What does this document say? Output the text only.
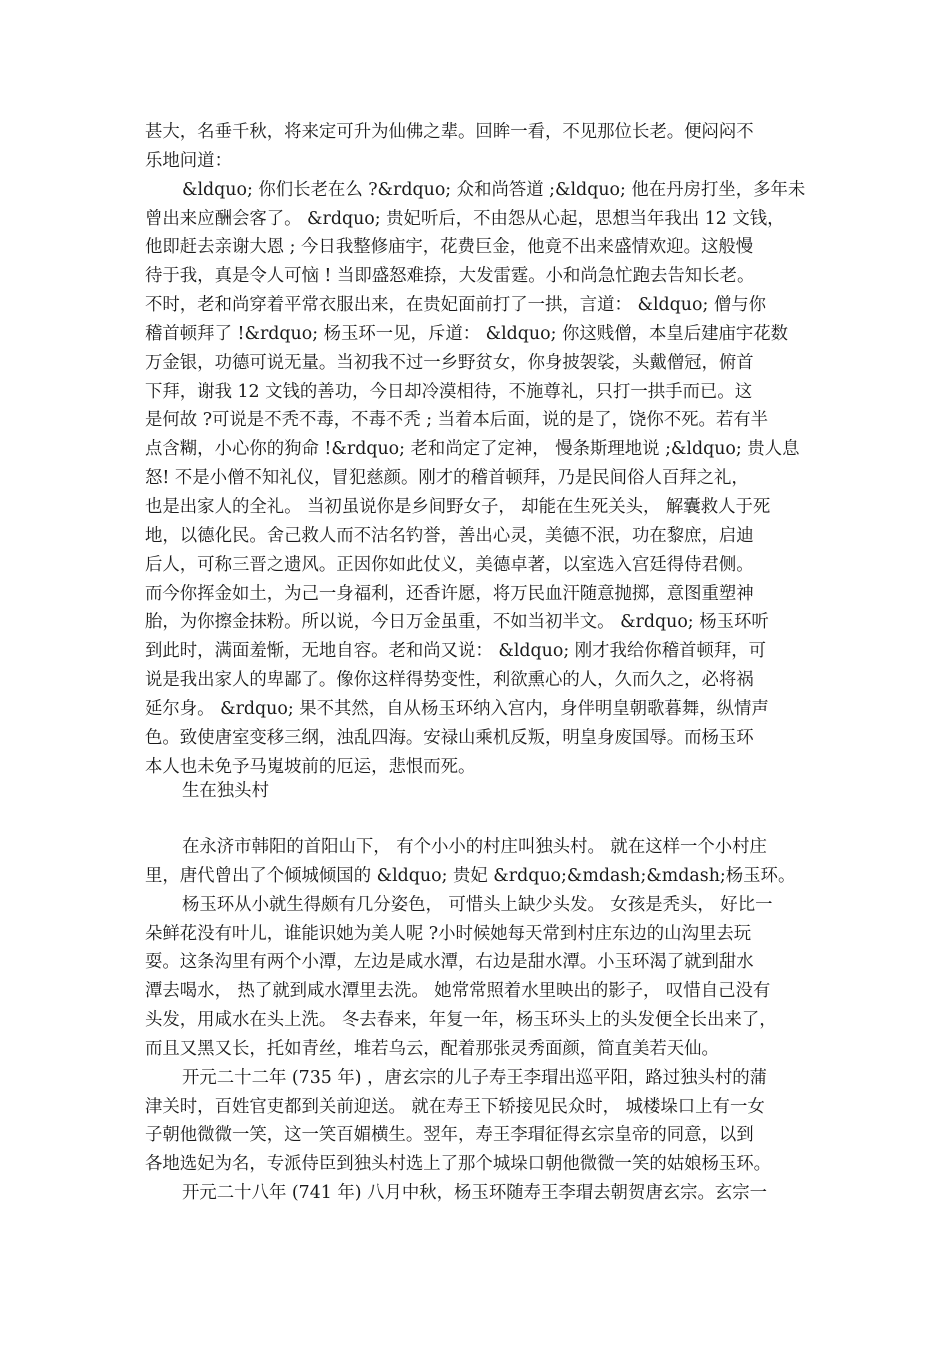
甚大，名垂千秋，将来定可升为仙佛之辈。回眸一看，不见那位长老。便闷闷不
乐地问道：
&ldquo; 你们长老在么 ?&rdquo; 众和尚答道 ;&ldquo; 他在丹房打坐，多年未
曾出来应酬会客了。 &rdquo; 贵妃听后，不由怨从心起，思想当年我出 12 文钱，
他即赶去亲谢大恩 ; 今日我整修庙宇，花费巨金，他竟不出来盛情欢迎。这般慢
待于我，真是令人可恼 ! 当即盛怒难捺，大发雷霆。小和尚急忙跑去告知长老。
不时，老和尚穿着平常衣服出来，在贵妃面前打了一拱，言道： &ldquo; 僧与你
稽首顿拜了 !&rdquo; 杨玉环一见，斥道： &ldquo; 你这贱僧，本皇后建庙宇花数
万金银，功德可说无量。当初我不过一乡野贫女，你身披袈裟，头戴僧冠，俯首
下拜，谢我 12 文钱的善功，今日却冷漠相待，不施尊礼，只打一拱手而已。这
是何故 ?可说是不秃不毒，不毒不秃 ; 当着本后面，说的是了，饶你不死。若有半
点含糊，小心你的狗命 !&rdquo; 老和尚定了定神， 慢条斯理地说 ;&ldquo; 贵人息
怒! 不是小僧不知礼仪，冒犯慈颜。刚才的稽首顿拜，乃是民间俗人百拜之礼，
也是出家人的全礼。 当初虽说你是乡间野女子， 却能在生死关头， 解囊救人于死
地，以德化民。舍己救人而不沽名钓誉，善出心灵，美德不泯，功在黎庶，启迪
后人，可称三晋之遗风。正因你如此仗义，美德卓著，以室选入宫廷得侍君侧。
而今你挥金如土，为己一身福利，还香许愿，将万民血汗随意抛掷，意图重塑神
胎，为你擦金抹粉。所以说，今日万金虽重，不如当初半文。 &rdquo; 杨玉环听
到此时，满面羞惭，无地自容。老和尚又说： &ldquo; 刚才我给你稽首顿拜，可
说是我出家人的卑鄙了。像你这样得势变性，利欲熏心的人，久而久之，必将祸
延尔身。 &rdquo; 果不其然，自从杨玉环纳入宫内，身伴明皇朝歌暮舞，纵情声
色。致使唐室变移三纲，浊乱四海。安禄山乘机反叛，明皇身废国辱。而杨玉环
本人也未免予马嵬坡前的厄运，悲恨而死。
生在独头村
在永济市韩阳的首阳山下， 有个小小的村庄叫独头村。 就在这样一个小村庄
里，唐代曾出了个倾城倾国的 &ldquo; 贵妃 &rdquo;&mdash;&mdash;杨玉环。
杨玉环从小就生得颇有几分姿色， 可惜头上缺少头发。 女孩是秃头， 好比一
朵鲜花没有叶儿，谁能识她为美人呢 ?小时候她每天常到村庄东边的山沟里去玩
耍。这条沟里有两个小潭，左边是咸水潭，右边是甜水潭。小玉环渴了就到甜水
潭去喝水， 热了就到咸水潭里去洗。 她常常照着水里映出的影子， 叹惜自己没有
头发，用咸水在头上洗。 冬去春来，年复一年，杨玉环头上的头发便全长出来了，
而且又黑又长，托如青丝，堆若乌云，配着那张灵秀面颜，简直美若天仙。
开元二十二年 (735 年) ，唐玄宗的儿子寿王李瑁出巡平阳，路过独头村的蒲
津关时，百姓官吏都到关前迎送。 就在寿王下轿接见民众时， 城楼垛口上有一女
子朝他微微一笑，这一笑百媚横生。翌年，寿王李瑁征得玄宗皇帝的同意，以到
各地选妃为名，专派侍臣到独头村选上了那个城垛口朝他微微一笑的姑娘杨玉环。
开元二十八年 (741 年) 八月中秋，杨玉环随寿王李瑁去朝贺唐玄宗。玄宗一
